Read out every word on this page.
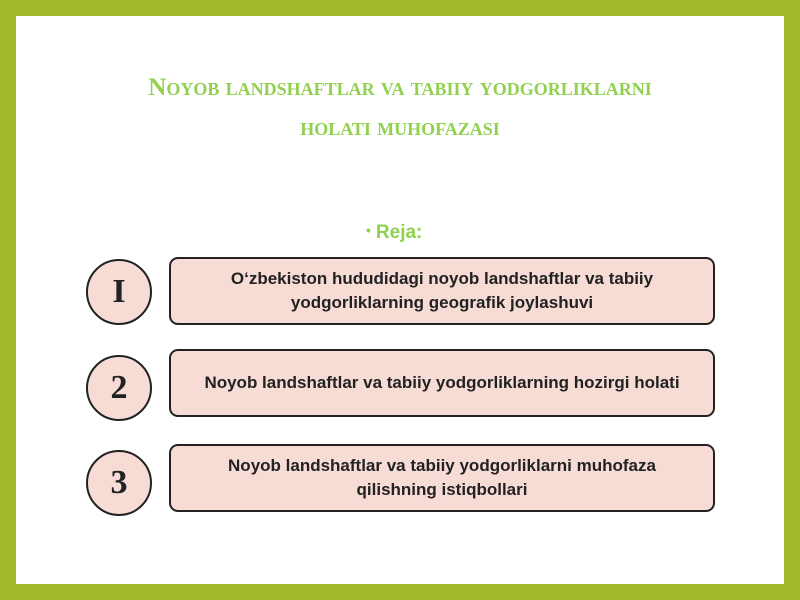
Noyob landshaftlar va tabiiy yodgorliklarni
holati muhofazasi
• Reja:
I	O‘zbekiston hududidagi noyob landshaftlar va tabiiy yodgorliklarning geografik joylashuvi
2	Noyob landshaftlar va tabiiy yodgorliklarning hozirgi holati
3	Noyob landshaftlar va tabiiy yodgorliklarni muhofaza qilishning istiqbollari
